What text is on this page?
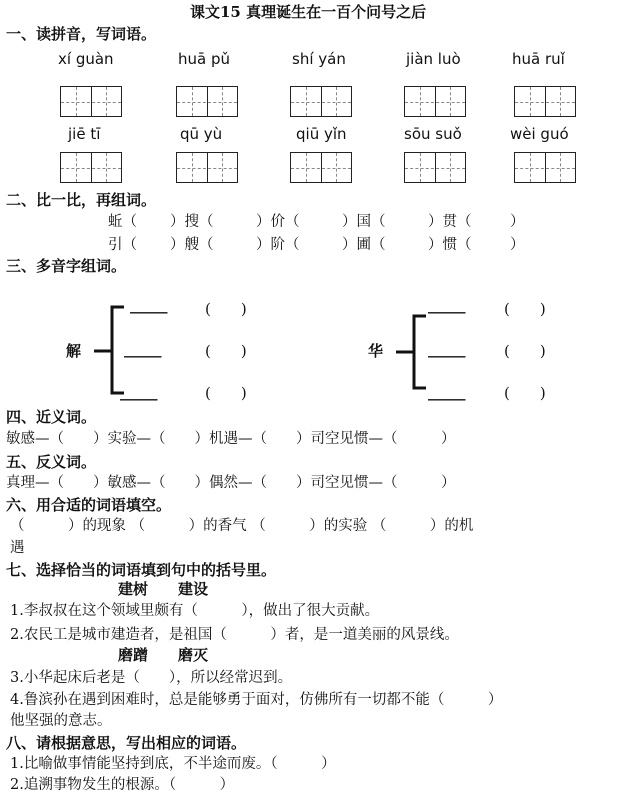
课文15 真理诞生在一百个问号之后
一、读拼音，写词语。
xí guàn	huā pǔ	shí yán	jiàn luò	huā ruǐ
jiē tī	qū yù	qiū yǐn	sōu suǒ	wèi guó
二、比一比，再组词。
蚯（ ）搜（	）价（	）国（	）贯（	）
引（ ）艘（	）阶（	）圃（	）惯（	）
三、多音字组词。
解
_____
_____
_____
(　　)
(　　)
(　　)
华
_____
_____
_____
(　　)
(　　)
(　　)
四、近义词。
敏感—（　　）实验—（　　）机遇—（　　）司空见惯—（　　　）
五、反义词。
真理—（　　）敏感—（　　）偶然—（　　）司空见惯—（　　　）
六、用合适的词语填空。
（　　　）的现象 （　　　）的香气 （　　　）的实验 （　　　）的机
遇
七、选择恰当的词语填到句中的括号里。
建树　　建设
1.李叔叔在这个领域里颇有（　　　），做出了很大贡献。
2.农民工是城市建造者，是祖国（　　　）者，是一道美丽的风景线。
磨蹭　　磨灭
3.小华起床后老是（　　），所以经常迟到。
4.鲁滨孙在遇到困难时，总是能够勇于面对，仿佛所有一切都不能（　　　）
他坚强的意志。
八、请根据意思，写出相应的词语。
1.比喻做事情能坚持到底，不半途而废。（　　　）
2.追溯事物发生的根源。（　　　）
